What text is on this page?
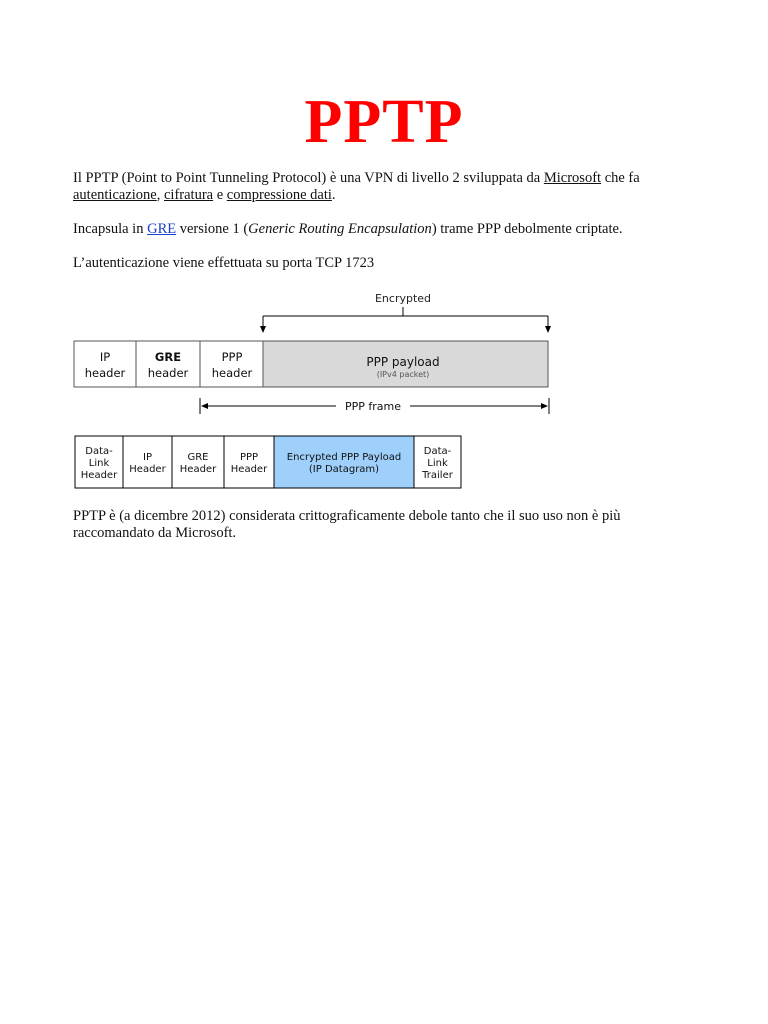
PPTP
Il PPTP (Point to Point Tunneling Protocol) è una VPN di livello 2 sviluppata da Microsoft che fa autenticazione, cifratura e compressione dati.
Incapsula in GRE versione 1 (Generic Routing Encapsulation) trame PPP debolmente criptate.
L’autenticazione viene effettuata su porta TCP 1723
Encrypted
IP
header
GRE
header
PPP
header
PPP payload
(IPv4 packet)
PPP frame
Data-
Link
Header
IP
Header
GRE
Header
PPP
Header
Encrypted PPP Payload
(IP Datagram)
Data-
Link
Trailer
PPTP è (a dicembre 2012) considerata crittograficamente debole tanto che il suo uso non è più raccomandato da Microsoft.
